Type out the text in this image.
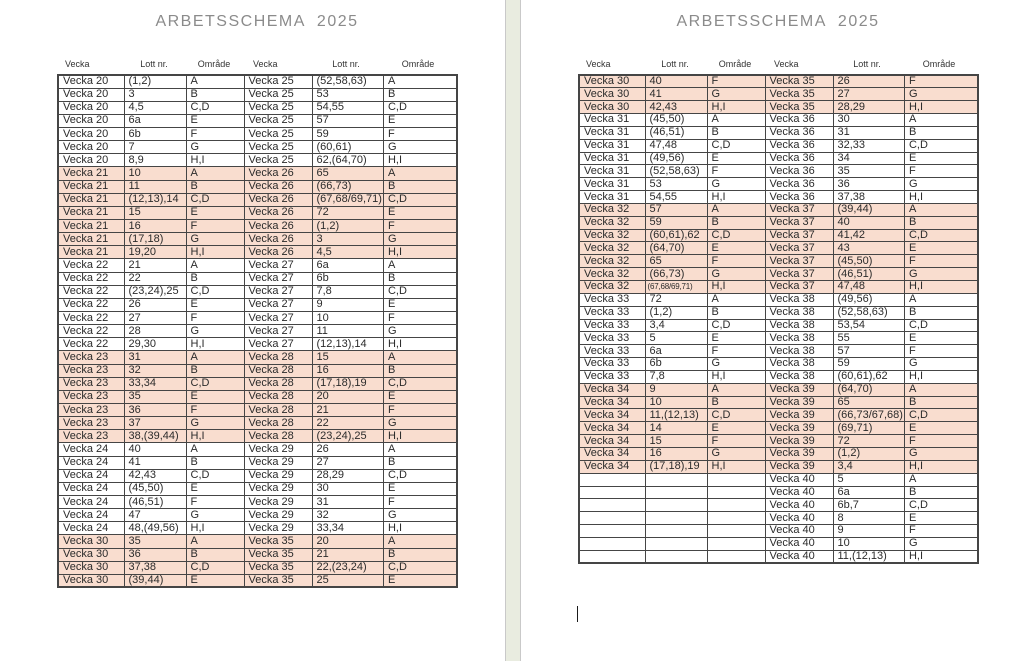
ARBETSSCHEMA  2025
Vecka	Lott nr.	Område	Vecka	Lott nr.	Område
Vecka 20	(1,2)	A	Vecka 25	(52,58,63)	A
Vecka 20	3	B	Vecka 25	53	B
Vecka 20	4,5	C,D	Vecka 25	54,55	C,D
Vecka 20	6a	E	Vecka 25	57	E
Vecka 20	6b	F	Vecka 25	59	F
Vecka 20	7	G	Vecka 25	(60,61)	G
Vecka 20	8,9	H,I	Vecka 25	62,(64,70)	H,I
Vecka 21	10	A	Vecka 26	65	A
Vecka 21	11	B	Vecka 26	(66,73)	B
Vecka 21	(12,13),14	C,D	Vecka 26	(67,68/69,71)	C,D
Vecka 21	15	E	Vecka 26	72	E
Vecka 21	16	F	Vecka 26	(1,2)	F
Vecka 21	(17,18)	G	Vecka 26	3	G
Vecka 21	19,20	H,I	Vecka 26	4,5	H,I
Vecka 22	21	A	Vecka 27	6a	A
Vecka 22	22	B	Vecka 27	6b	B
Vecka 22	(23,24),25	C,D	Vecka 27	7,8	C,D
Vecka 22	26	E	Vecka 27	9	E
Vecka 22	27	F	Vecka 27	10	F
Vecka 22	28	G	Vecka 27	11	G
Vecka 22	29,30	H,I	Vecka 27	(12,13),14	H,I
Vecka 23	31	A	Vecka 28	15	A
Vecka 23	32	B	Vecka 28	16	B
Vecka 23	33,34	C,D	Vecka 28	(17,18),19	C,D
Vecka 23	35	E	Vecka 28	20	E
Vecka 23	36	F	Vecka 28	21	F
Vecka 23	37	G	Vecka 28	22	G
Vecka 23	38,(39,44)	H,I	Vecka 28	(23,24),25	H,I
Vecka 24	40	A	Vecka 29	26	A
Vecka 24	41	B	Vecka 29	27	B
Vecka 24	42,43	C,D	Vecka 29	28,29	C,D
Vecka 24	(45,50)	E	Vecka 29	30	E
Vecka 24	(46,51)	F	Vecka 29	31	F
Vecka 24	47	G	Vecka 29	32	G
Vecka 24	48,(49,56)	H,I	Vecka 29	33,34	H,I
Vecka 30	35	A	Vecka 35	20	A
Vecka 30	36	B	Vecka 35	21	B
Vecka 30	37,38	C,D	Vecka 35	22,(23,24)	C,D
Vecka 30	(39,44)	E	Vecka 35	25	E
ARBETSSCHEMA  2025
Vecka	Lott nr.	Område	Vecka	Lott nr.	Område
Vecka 30	40	F	Vecka 35	26	F
Vecka 30	41	G	Vecka 35	27	G
Vecka 30	42,43	H,I	Vecka 35	28,29	H,I
Vecka 31	(45,50)	A	Vecka 36	30	A
Vecka 31	(46,51)	B	Vecka 36	31	B
Vecka 31	47,48	C,D	Vecka 36	32,33	C,D
Vecka 31	(49,56)	E	Vecka 36	34	E
Vecka 31	(52,58,63)	F	Vecka 36	35	F
Vecka 31	53	G	Vecka 36	36	G
Vecka 31	54,55	H,I	Vecka 36	37,38	H,I
Vecka 32	57	A	Vecka 37	(39,44)	A
Vecka 32	59	B	Vecka 37	40	B
Vecka 32	(60,61),62	C,D	Vecka 37	41,42	C,D
Vecka 32	(64,70)	E	Vecka 37	43	E
Vecka 32	65	F	Vecka 37	(45,50)	F
Vecka 32	(66,73)	G	Vecka 37	(46,51)	G
Vecka 32	(67,68/69,71)	H,I	Vecka 37	47,48	H,I
Vecka 33	72	A	Vecka 38	(49,56)	A
Vecka 33	(1,2)	B	Vecka 38	(52,58,63)	B
Vecka 33	3,4	C,D	Vecka 38	53,54	C,D
Vecka 33	5	E	Vecka 38	55	E
Vecka 33	6a	F	Vecka 38	57	F
Vecka 33	6b	G	Vecka 38	59	G
Vecka 33	7,8	H,I	Vecka 38	(60,61),62	H,I
Vecka 34	9	A	Vecka 39	(64,70)	A
Vecka 34	10	B	Vecka 39	65	B
Vecka 34	11,(12,13)	C,D	Vecka 39	(66,73/67,68)	C,D
Vecka 34	14	E	Vecka 39	(69,71)	E
Vecka 34	15	F	Vecka 39	72	F
Vecka 34	16	G	Vecka 39	(1,2)	G
Vecka 34	(17,18),19	H,I	Vecka 39	3,4	H,I
			Vecka 40	5	A
			Vecka 40	6a	B
			Vecka 40	6b,7	C,D
			Vecka 40	8	E
			Vecka 40	9	F
			Vecka 40	10	G
			Vecka 40	11,(12,13)	H,I
